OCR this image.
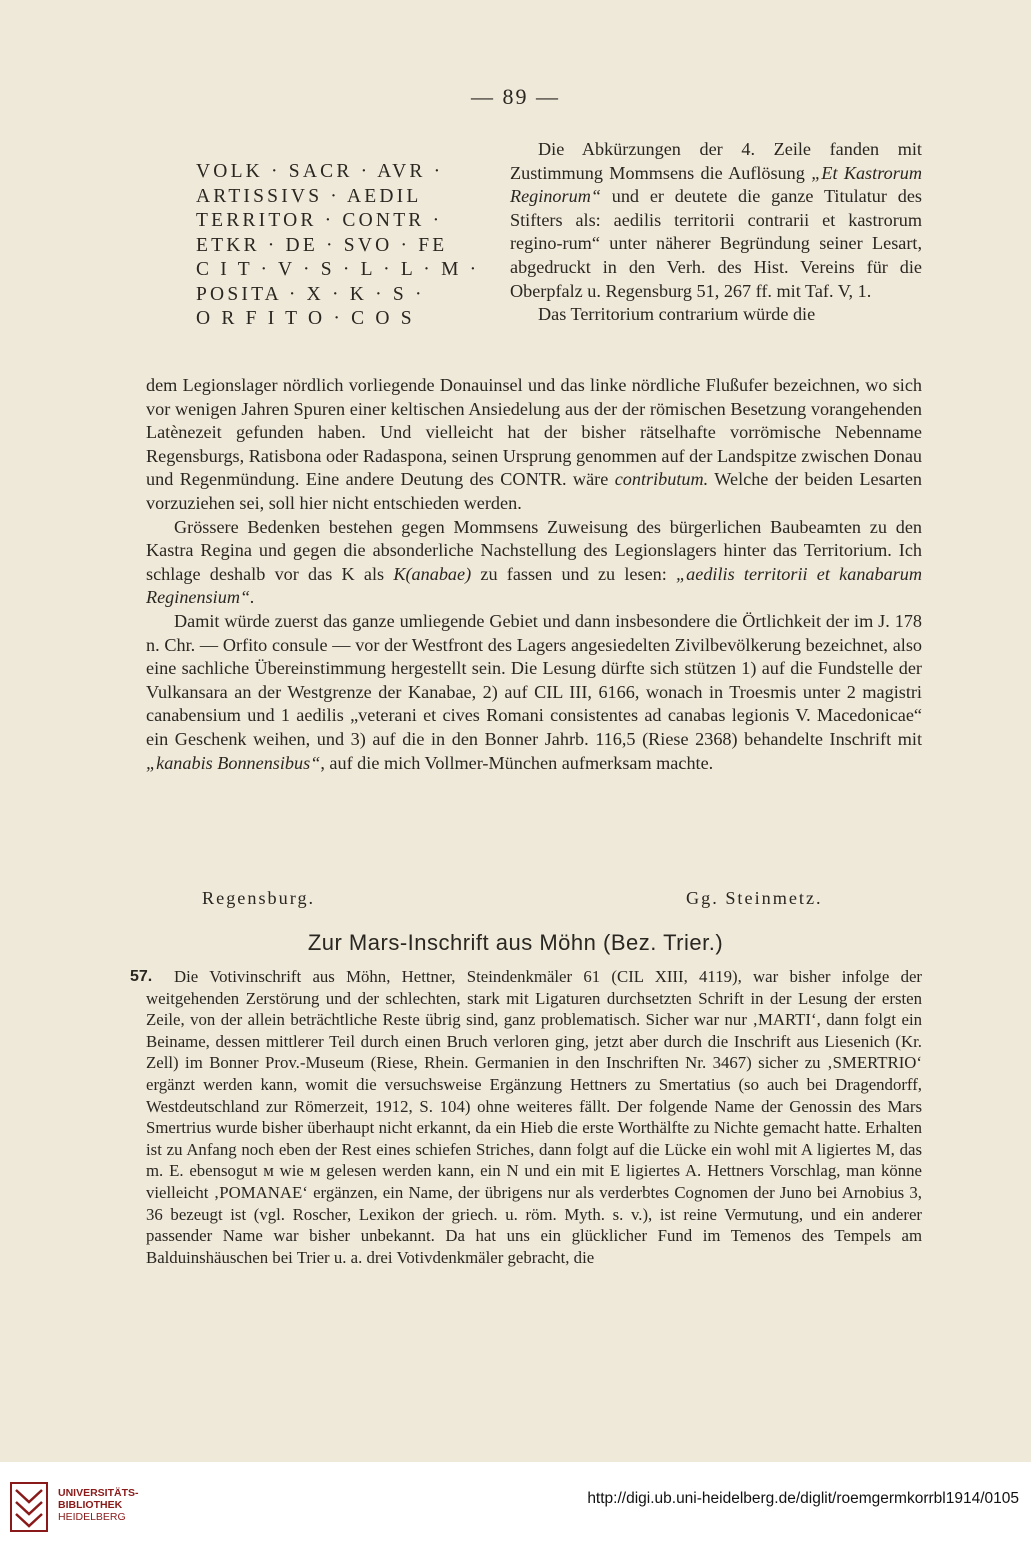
— 89 —
VOLK · SACR · AVR ·
ARTISSIVS · AEDIL
TERRITOR · CONTR ·
ETKR · DE · SVO · FE
C I T · V · S · L · L · M ·
POSITA · X · K · S ·
O R F I T O · C O S

Die Abkürzungen der 4. Zeile fanden mit Zustimmung Mommsens die Auflösung „Et Kastrorum Reginorum“ und er deutete die ganze Titulatur des Stifters als: aedilis territorii contrarii et kastrorum regino-rum“ unter näherer Begründung seiner Lesart, abgedruckt in den Verh. des Hist. Vereins für die Oberpfalz u. Regensburg 51, 267 ff. mit Taf. V, 1.

Das Territorium contrarium würde die

dem Legionslager nördlich vorliegende Donauinsel und das linke nördliche Flußufer bezeichnen, wo sich vor wenigen Jahren Spuren einer keltischen Ansiedelung aus der der römischen Besetzung vorangehenden Latènezeit gefunden haben. Und vielleicht hat der bisher rätselhafte vorrömische Nebenname Regensburgs, Ratisbona oder Radaspona, seinen Ursprung genommen auf der Landspitze zwischen Donau und Regenmündung. Eine andere Deutung des CONTR. wäre contributum. Welche der beiden Lesarten vorzuziehen sei, soll hier nicht entschieden werden.

Grössere Bedenken bestehen gegen Mommsens Zuweisung des bürgerlichen Baubeamten zu den Kastra Regina und gegen die absonderliche Nachstellung des Legionslagers hinter das Territorium. Ich schlage deshalb vor das K als K(anabae) zu fassen und zu lesen: „aedilis territorii et kanabarum Reginensium“.

Damit würde zuerst das ganze umliegende Gebiet und dann insbesondere die Örtlichkeit der im J. 178 n. Chr. — Orfito consule — vor der Westfront des Lagers angesiedelten Zivilbevölkerung bezeichnet, also eine sachliche Übereinstimmung hergestellt sein. Die Lesung dürfte sich stützen 1) auf die Fundstelle der Vulkansara an der Westgrenze der Kanabae, 2) auf CIL III, 6166, wonach in Troesmis unter 2 magistri canabensium und 1 aedilis „veterani et cives Romani consistentes ad canabas legionis V. Macedonicae“ ein Geschenk weihen, und 3) auf die in den Bonner Jahrb. 116,5 (Riese 2368) behandelte Inschrift mit „kanabis Bonnensibus“, auf die mich Vollmer-München aufmerksam machte.

Regensburg.	Gg. Steinmetz.
Zur Mars-Inschrift aus Möhn (Bez. Trier.)
57.	Die Votivinschrift aus Möhn, Hettner, Steindenkmäler 61 (CIL XIII, 4119), war bisher infolge der weitgehenden Zerstörung und der schlechten, stark mit Ligaturen durchsetzten Schrift in der Lesung der ersten Zeile, von der allein beträchtliche Reste übrig sind, ganz problematisch. Sicher war nur ‚MARTI‘, dann folgt ein Beiname, dessen mittlerer Teil durch einen Bruch verloren ging, jetzt aber durch die Inschrift aus Liesenich (Kr. Zell) im Bonner Prov.-Museum (Riese, Rhein. Germanien in den Inschriften Nr. 3467) sicher zu ‚SMERTRIO‘ ergänzt werden kann, womit die versuchsweise Ergänzung Hettners zu Smertatius (so auch bei Dragendorff, Westdeutschland zur Römerzeit, 1912, S. 104) ohne weiteres fällt. Der folgende Name der Genossin des Mars Smertrius wurde bisher überhaupt nicht erkannt, da ein Hieb die erste Worthälfte zu Nichte gemacht hatte. Erhalten ist zu Anfang noch eben der Rest eines schiefen Striches, dann folgt auf die Lücke ein wohl mit A ligiertes M, das m. E. ebensogut ᴍ wie ᴍ gelesen werden kann, ein N und ein mit E ligiertes A. Hettners Vorschlag, man könne vielleicht ‚POMANAE‘ ergänzen, ein Name, der übrigens nur als verderbtes Cognomen der Juno bei Arnobius 3, 36 bezeugt ist (vgl. Roscher, Lexikon der griech. u. röm. Myth. s. v.), ist reine Vermutung, und ein anderer passender Name war bisher unbekannt. Da hat uns ein glücklicher Fund im Temenos des Tempels am Balduinshäuschen bei Trier u. a. drei Votivdenkmäler gebracht, die

UNIVERSITÄTS-
BIBLIOTHEK
HEIDELBERG
http://digi.ub.uni-heidelberg.de/diglit/roemgermkorrbl1914/0105
